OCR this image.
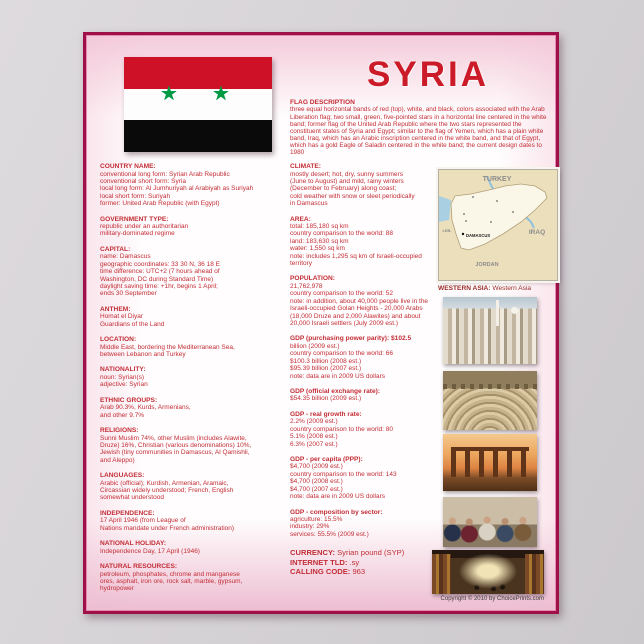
★ ★	SYRIA
FLAG DESCRIPTION
three equal horizontal bands of red (top), white, and black, colors associated with the Arab Liberation flag; two small, green, five-pointed stars in a horizontal line centered in the white band; former flag of the United Arab Republic where the two stars represented the constituent states of Syria and Egypt; similar to the flag of Yemen, which has a plain white band, Iraq, which has an Arabic inscription centered in the white band, and that of Egypt, which has a gold Eagle of Saladin centered in the white band; the current design dates to 1980
COUNTRY NAME:
conventional long form: Syrian Arab Republic
conventional short form: Syria
local long form: Al Jumhuriyah al Arabiyah as Suriyah
local short form: Suriyah
former: United Arab Republic (with Egypt)
GOVERNMENT TYPE:
republic under an authoritarian
military-dominated regime
CAPITAL:
name: Damascus
geographic coordinates: 33 30 N, 36 18 E
time difference: UTC+2 (7 hours ahead of
Washington, DC during Standard Time)
daylight saving time: +1hr, begins 1 April;
ends 30 September
ANTHEM:
Homat el Diyar
Guardians of the Land
LOCATION:
Middle East, bordering the Mediterranean Sea,
between Lebanon and Turkey
NATIONALITY:
noun: Syrian(s)
adjective: Syrian
ETHNIC GROUPS:
Arab 90.3%, Kurds, Armenians,
and other 9.7%
RELIGIONS:
Sunni Muslim 74%, other Muslim (includes Alawite,
Druze) 16%, Christian (various denominations) 10%,
Jewish (tiny communities in Damascus, Al Qamishli,
and Aleppo)
LANGUAGES:
Arabic (official); Kurdish, Armenian, Aramaic,
Circassian widely understood; French, English
somewhat understood
INDEPENDENCE:
17 April 1946 (from League of
Nations mandate under French administration)
NATIONAL HOLIDAY:
Independence Day, 17 April (1946)
NATURAL RESOURCES:
petroleum, phosphates, chrome and manganese
ores, asphalt, iron ore, rock salt, marble, gypsum,
hydropower
CLIMATE:
mostly desert; hot, dry, sunny summers
(June to August) and mild, rainy winters
(December to February) along coast;
cold weather with snow or sleet periodically
in Damascus
AREA:
total: 185,180 sq km
country comparison to the world: 88
land: 183,630 sq km
water: 1,550 sq km
note: includes 1,295 sq km of Israeli-occupied
territory
POPULATION:
21,762,978
country comparison to the world: 52
note: in addition, about 40,000 people live in the
Israeli-occupied Golan Heights - 20,000 Arabs
(18,000 Druze and 2,000 Alawites) and about
20,000 Israeli settlers (July 2009 est.)
GDP (purchasing power parity): $102.5
billion (2009 est.)
country comparison to the world: 66
$100.3 billion (2008 est.)
$95.39 billion (2007 est.)
note: data are in 2009 US dollars
GDP (official exchange rate):
$54.35 billion (2009 est.)
GDP - real growth rate:
2.2% (2009 est.)
country comparison to the world: 80
5.1% (2008 est.)
6.3% (2007 est.)
GDP - per capita (PPP):
$4,700 (2009 est.)
country comparison to the world: 143
$4,700 (2008 est.)
$4,700 (2007 est.)
note: data are in 2009 US dollars
GDP - composition by sector:
agriculture: 15.5%
industry: 29%
services: 55.5% (2009 est.)
CURRENCY: Syrian pound (SYP)
INTERNET TLD: .sy
CALLING CODE: 963
TURKEY
IRAQ
JORDAN
LEB.
DAMASCUS
WESTERN ASIA: Western Asia
Copyright © 2010 by ChoicePrints.com
